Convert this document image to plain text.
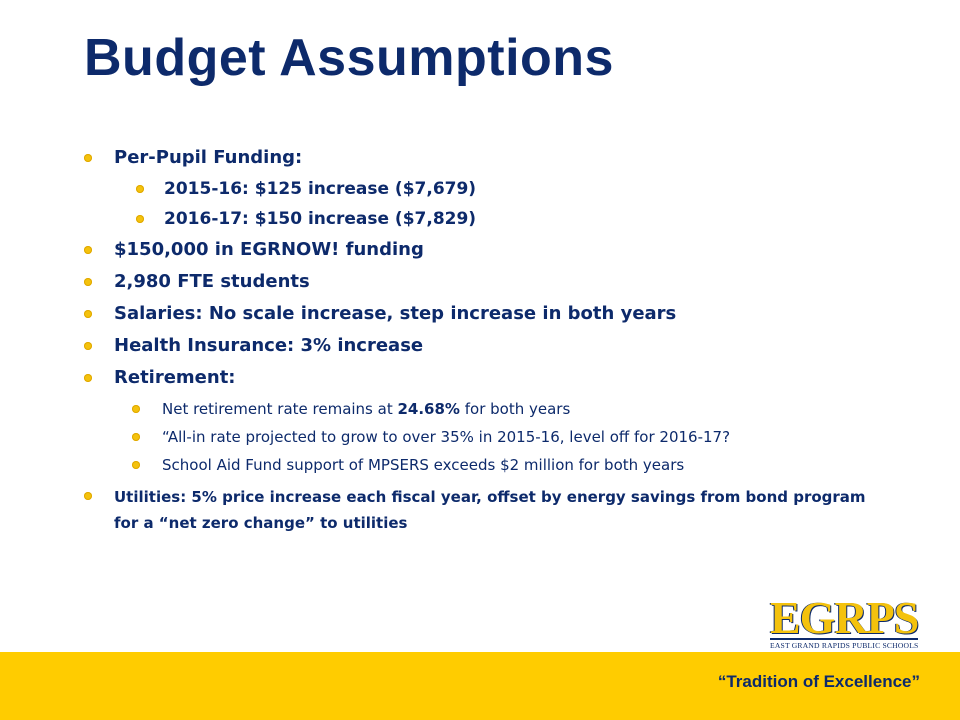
Budget Assumptions
Per-Pupil Funding:
2015-16: $125 increase ($7,679)
2016-17: $150 increase ($7,829)
$150,000 in EGRNOW! funding
2,980 FTE students
Salaries: No scale increase, step increase in both years
Health Insurance: 3% increase
Retirement:
Net retirement rate remains at 24.68% for both years
“All-in rate projected to grow to over 35% in 2015-16, level off for 2016-17?
School Aid Fund support of MPSERS exceeds $2 million for both years
Utilities: 5% price increase each fiscal year, offset by energy savings from bond program for a “net zero change” to utilities
EGRPS
EAST GRAND RAPIDS PUBLIC SCHOOLS
“Tradition of Excellence”
